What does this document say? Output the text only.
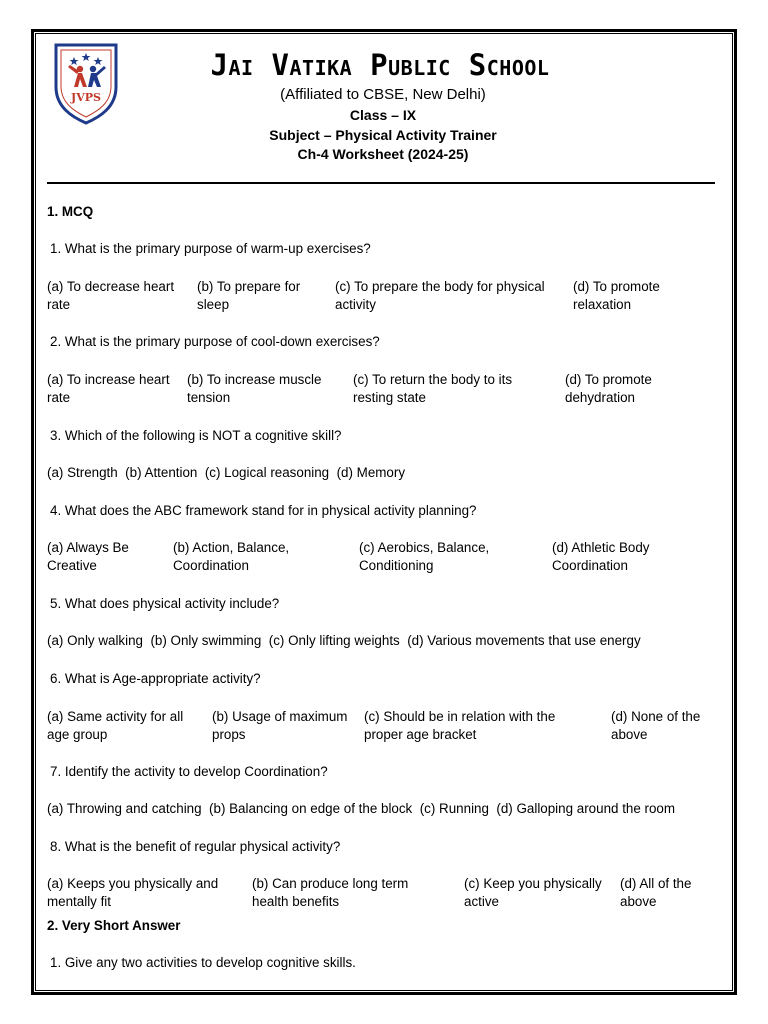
JVPS
Jai Vatika Public School
(Affiliated to CBSE, New Delhi)
Class – IX
Subject – Physical Activity Trainer
Ch-4 Worksheet (2024-25)
1. MCQ
1. What is the primary purpose of warm-up exercises?
(a) To decrease heart
rate
(b) To prepare for
sleep
(c) To prepare the body for physical
activity
(d) To promote
relaxation
2. What is the primary purpose of cool-down exercises?
(a) To increase heart
rate
(b) To increase muscle
tension
(c) To return the body to its
resting state
(d) To promote
dehydration
3. Which of the following is NOT a cognitive skill?
(a) Strength (b) Attention (c) Logical reasoning (d) Memory
4. What does the ABC framework stand for in physical activity planning?
(a) Always Be
Creative
(b) Action, Balance,
Coordination
(c) Aerobics, Balance,
Conditioning
(d) Athletic Body
Coordination
5. What does physical activity include?
(a) Only walking (b) Only swimming (c) Only lifting weights (d) Various movements that use energy
6. What is Age-appropriate activity?
(a) Same activity for all
age group
(b) Usage of maximum
props
(c) Should be in relation with the
proper age bracket
(d) None of the
above
7. Identify the activity to develop Coordination?
(a) Throwing and catching (b) Balancing on edge of the block (c) Running (d) Galloping around the room
8. What is the benefit of regular physical activity?
(a) Keeps you physically and
mentally fit
(b) Can produce long term
health benefits
(c) Keep you physically
active
(d) All of the
above
2. Very Short Answer
1. Give any two activities to develop cognitive skills.
